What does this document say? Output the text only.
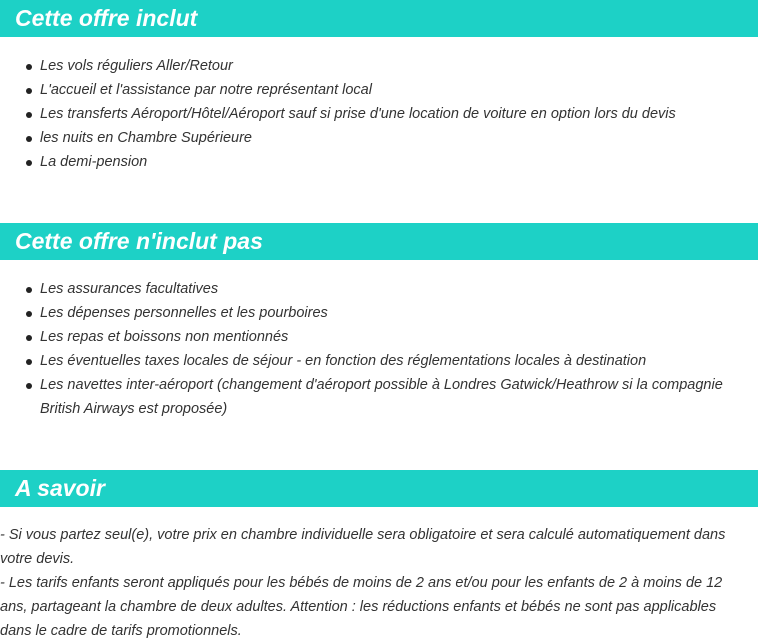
Cette offre inclut
Les vols réguliers Aller/Retour
L'accueil et l'assistance par notre représentant local
Les transferts Aéroport/Hôtel/Aéroport sauf si prise d'une location de voiture en option lors du devis
les nuits en Chambre Supérieure
La demi-pension
Cette offre n'inclut pas
Les assurances facultatives
Les dépenses personnelles et les pourboires
Les repas et boissons non mentionnés
Les éventuelles taxes locales de séjour - en fonction des réglementations locales à destination
Les navettes inter-aéroport (changement d'aéroport possible à Londres Gatwick/Heathrow si la compagnie British Airways est proposée)
A savoir

- Si vous partez seul(e), votre prix en chambre individuelle sera obligatoire et sera calculé automatiquement dans votre devis.

- Les tarifs enfants seront appliqués pour les bébés de moins de 2 ans et/ou pour les enfants de 2 à moins de 12 ans, partageant la chambre de deux adultes. Attention : les réductions enfants et bébés ne sont pas applicables dans le cadre de tarifs promotionnels.
